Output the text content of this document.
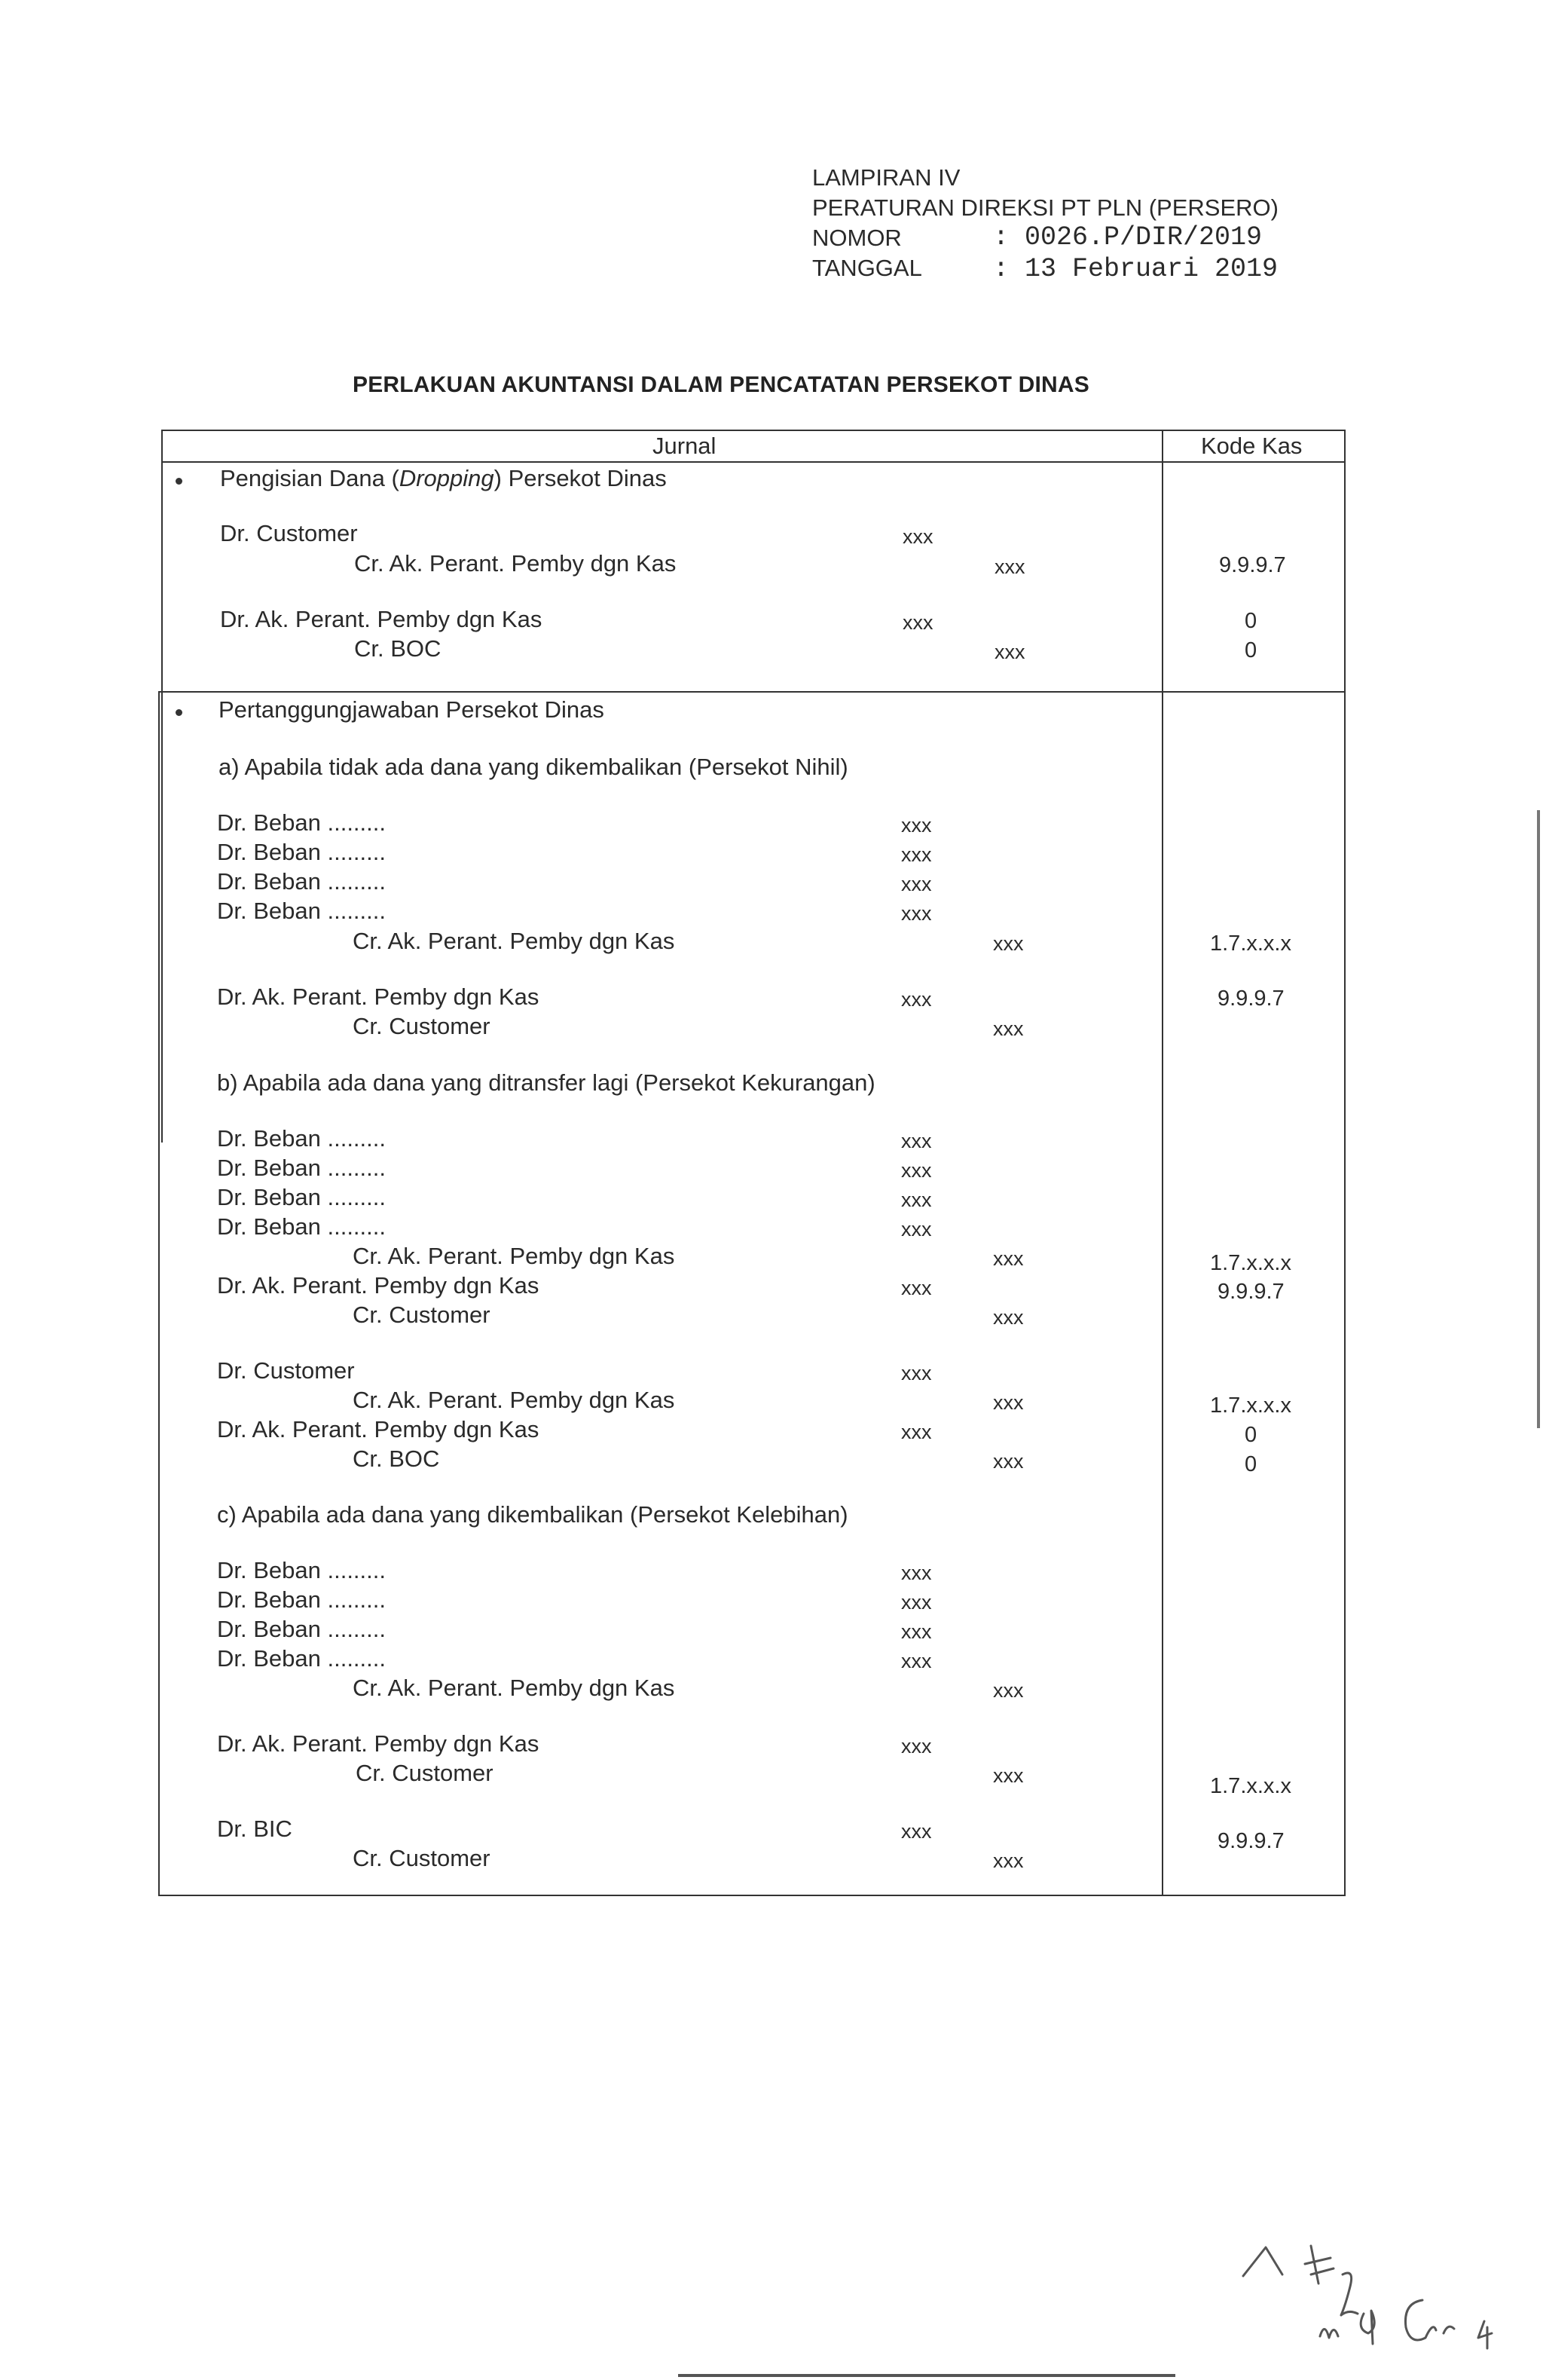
LAMPIRAN IV
PERATURAN DIREKSI PT PLN (PERSERO)
NOMOR	: 0026.P/DIR/2019
TANGGAL	: 13 Februari 2019
PERLAKUAN AKUNTANSI DALAM PENCATATAN PERSEKOT DINAS
Jurnal	Kode Kas
Pengisian Dana (Dropping) Persekot Dinas
Dr. Customer	xxx
Cr. Ak. Perant. Pemby dgn Kas	xxx	9.9.9.7
Dr. Ak. Perant. Pemby dgn Kas	xxx	0
Cr. BOC	xxx	0
Pertanggungjawaban Persekot Dinas
a) Apabila tidak ada dana yang dikembalikan (Persekot Nihil)
Dr. Beban .........	xxx
Dr. Beban .........	xxx
Dr. Beban .........	xxx
Dr. Beban .........	xxx
Cr. Ak. Perant. Pemby dgn Kas	xxx	1.7.x.x.x
Dr. Ak. Perant. Pemby dgn Kas	xxx	9.9.9.7
Cr. Customer	xxx
b) Apabila ada dana yang ditransfer lagi (Persekot Kekurangan)
Dr. Beban .........	xxx
Dr. Beban .........	xxx
Dr. Beban .........	xxx
Dr. Beban .........	xxx
Cr. Ak. Perant. Pemby dgn Kas	xxx	1.7.x.x.x
Dr. Ak. Perant. Pemby dgn Kas	xxx	9.9.9.7
Cr. Customer	xxx
Dr. Customer	xxx
Cr. Ak. Perant. Pemby dgn Kas	xxx	1.7.x.x.x
Dr. Ak. Perant. Pemby dgn Kas	xxx	0
Cr. BOC	xxx	0
c) Apabila ada dana yang dikembalikan (Persekot Kelebihan)
Dr. Beban .........	xxx
Dr. Beban .........	xxx
Dr. Beban .........	xxx
Dr. Beban .........	xxx
Cr. Ak. Perant. Pemby dgn Kas	xxx
Dr. Ak. Perant. Pemby dgn Kas	xxx
Cr. Customer	xxx	1.7.x.x.x
Dr. BIC	xxx	9.9.9.7
Cr. Customer	xxx
